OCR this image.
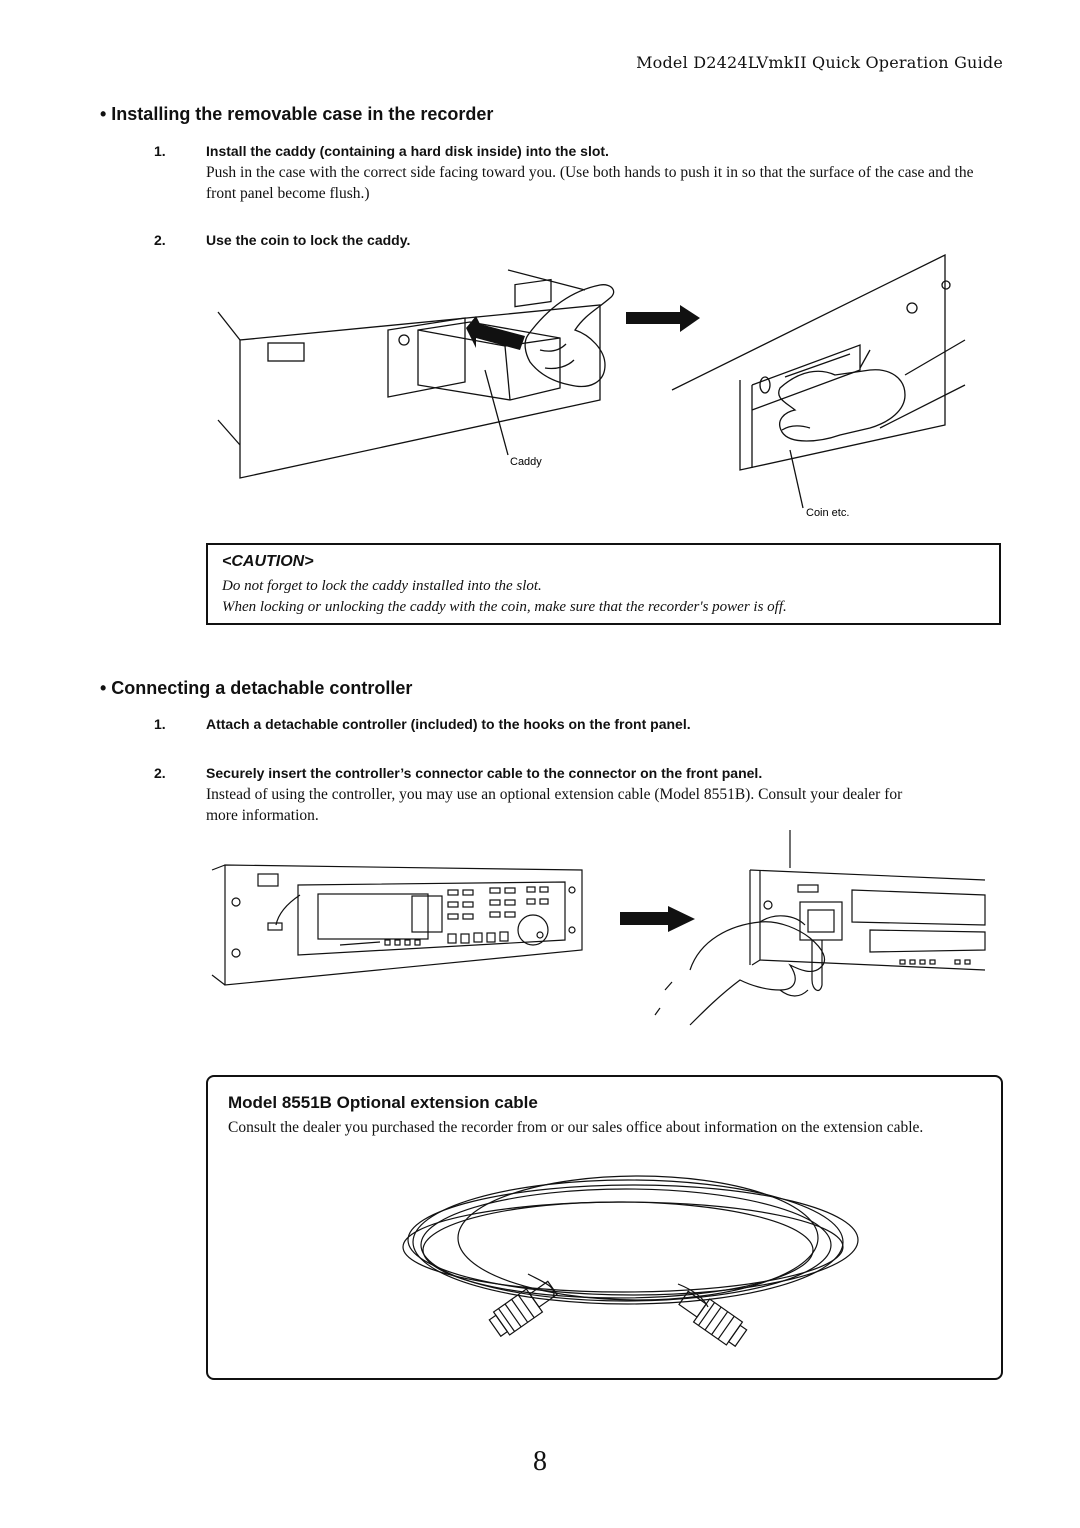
Model D2424LVmkII Quick Operation Guide
• Installing the removable case in the recorder
1.	Install the caddy (containing a hard disk inside) into the slot.
Push in the case with the correct side facing toward you. (Use both hands to push it in so that the surface of the case and the front panel become flush.)
2.	Use the coin to lock the caddy.
Caddy
Coin etc.
<CAUTION>
Do not forget to lock the caddy installed into the slot.
When locking or unlocking the caddy with the coin, make sure that the recorder's power is off.
• Connecting a detachable controller
1.	Attach a detachable controller (included) to the hooks on the front panel.
2.	Securely insert the controller’s connector cable to the connector on the front panel.
Instead of using the controller, you may use an optional extension cable (Model 8551B). Consult your dealer for more information.
Model 8551B Optional extension cable
Consult the dealer you purchased the recorder from or our sales office about information on the extension cable.
8
